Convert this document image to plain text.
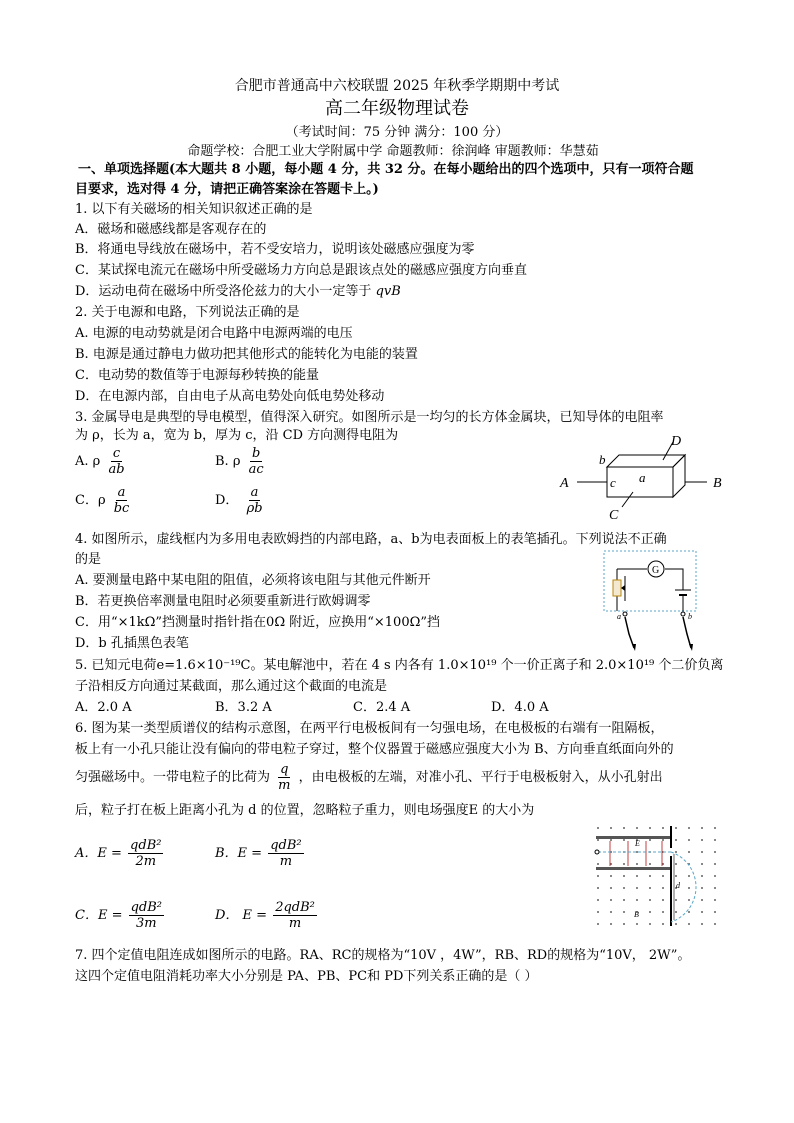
合肥市普通高中六校联盟 2025 年秋季学期期中考试
高二年级物理试卷
（考试时间：75 分钟 满分：100 分）
命题学校：合肥工业大学附属中学 命题教师：徐润峰 审题教师：华慧茹
一、单项选择题(本大题共 8 小题，每小题 4 分，共 32 分。在每小题给出的四个选项中，只有一项符合题
目要求，选对得 4 分，请把正确答案涂在答题卡上。)
1. 以下有关磁场的相关知识叙述正确的是
A．磁场和磁感线都是客观存在的
B．将通电导线放在磁场中，若不受安培力，说明该处磁感应强度为零
C．某试探电流元在磁场中所受磁场力方向总是跟该点处的磁感应强度方向垂直
D．运动电荷在磁场中所受洛伦兹力的大小一定等于 qvB
2. 关于电源和电路，下列说法正确的是
A. 电源的电动势就是闭合电路中电源两端的电压
B. 电源是通过静电力做功把其他形式的能转化为电能的装置
C．电动势的数值等于电源每秒转换的能量
D．在电源内部，自由电子从高电势处向低电势处移动
3. 金属导电是典型的导电模型，值得深入研究。如图所示是一均匀的长方体金属块，已知导体的电阻率
为 ρ，长为 a，宽为 b，厚为 c，沿 CD 方向测得电阻为
A. ρ $\frac{c}{ab}$	B. ρ $\frac{b}{ac}$
C．ρ $\frac{a}{bc}$	D． $\frac{a}{\rho b}$
A	B
D
C
a
b
c
4. 如图所示，虚线框内为多用电表欧姆挡的内部电路，a、b为电表面板上的表笔插孔。下列说法不正确
的是
A. 要测量电路中某电阻的阻值，必须将该电阻与其他元件断开
B．若更换倍率测量电阻时必须要重新进行欧姆调零
C．用“×1kΩ”挡测量时指针指在0Ω 附近，应换用“×100Ω”挡
D．b 孔插黑色表笔
G
a	b
5. 已知元电荷e=1.6×10⁻¹⁹C。某电解池中，若在 4 s 内各有 1.0×10¹⁹ 个一价正离子和 2.0×10¹⁹ 个二价负离
子沿相反方向通过某截面，那么通过这个截面的电流是
A．2.0 A	B．3.2 A	C．2.4 A	D．4.0 A
6. 图为某一类型质谱仪的结构示意图，在两平行电极板间有一匀强电场，在电极板的右端有一阻隔板，
板上有一小孔只能让没有偏向的带电粒子穿过，整个仪器置于磁感应强度大小为 B、方向垂直纸面向外的
匀强磁场中。一带电粒子的比荷为 $\frac{q}{m}$ ，由电极板的左端，对准小孔、平行于电极板射入，从小孔射出
后，粒子打在板上距离小孔为 d 的位置，忽略粒子重力，则电场强度E 的大小为
A．$E = \frac{\text{qdB²}}{2m}$	B．$E = \frac{\text{qdB²}}{m}$
C．$E = \frac{\text{qdB²}}{3m}$	D． $E = \frac{\text{2qdB²}}{m}$
E
B
d
7. 四个定值电阻连成如图所示的电路。RA、RC的规格为“10V ，4W”，RB、RD的规格为“10V， 2W”。
这四个定值电阻消耗功率大小分别是 PA、PB、PC和 PD下列关系正确的是（ ）
